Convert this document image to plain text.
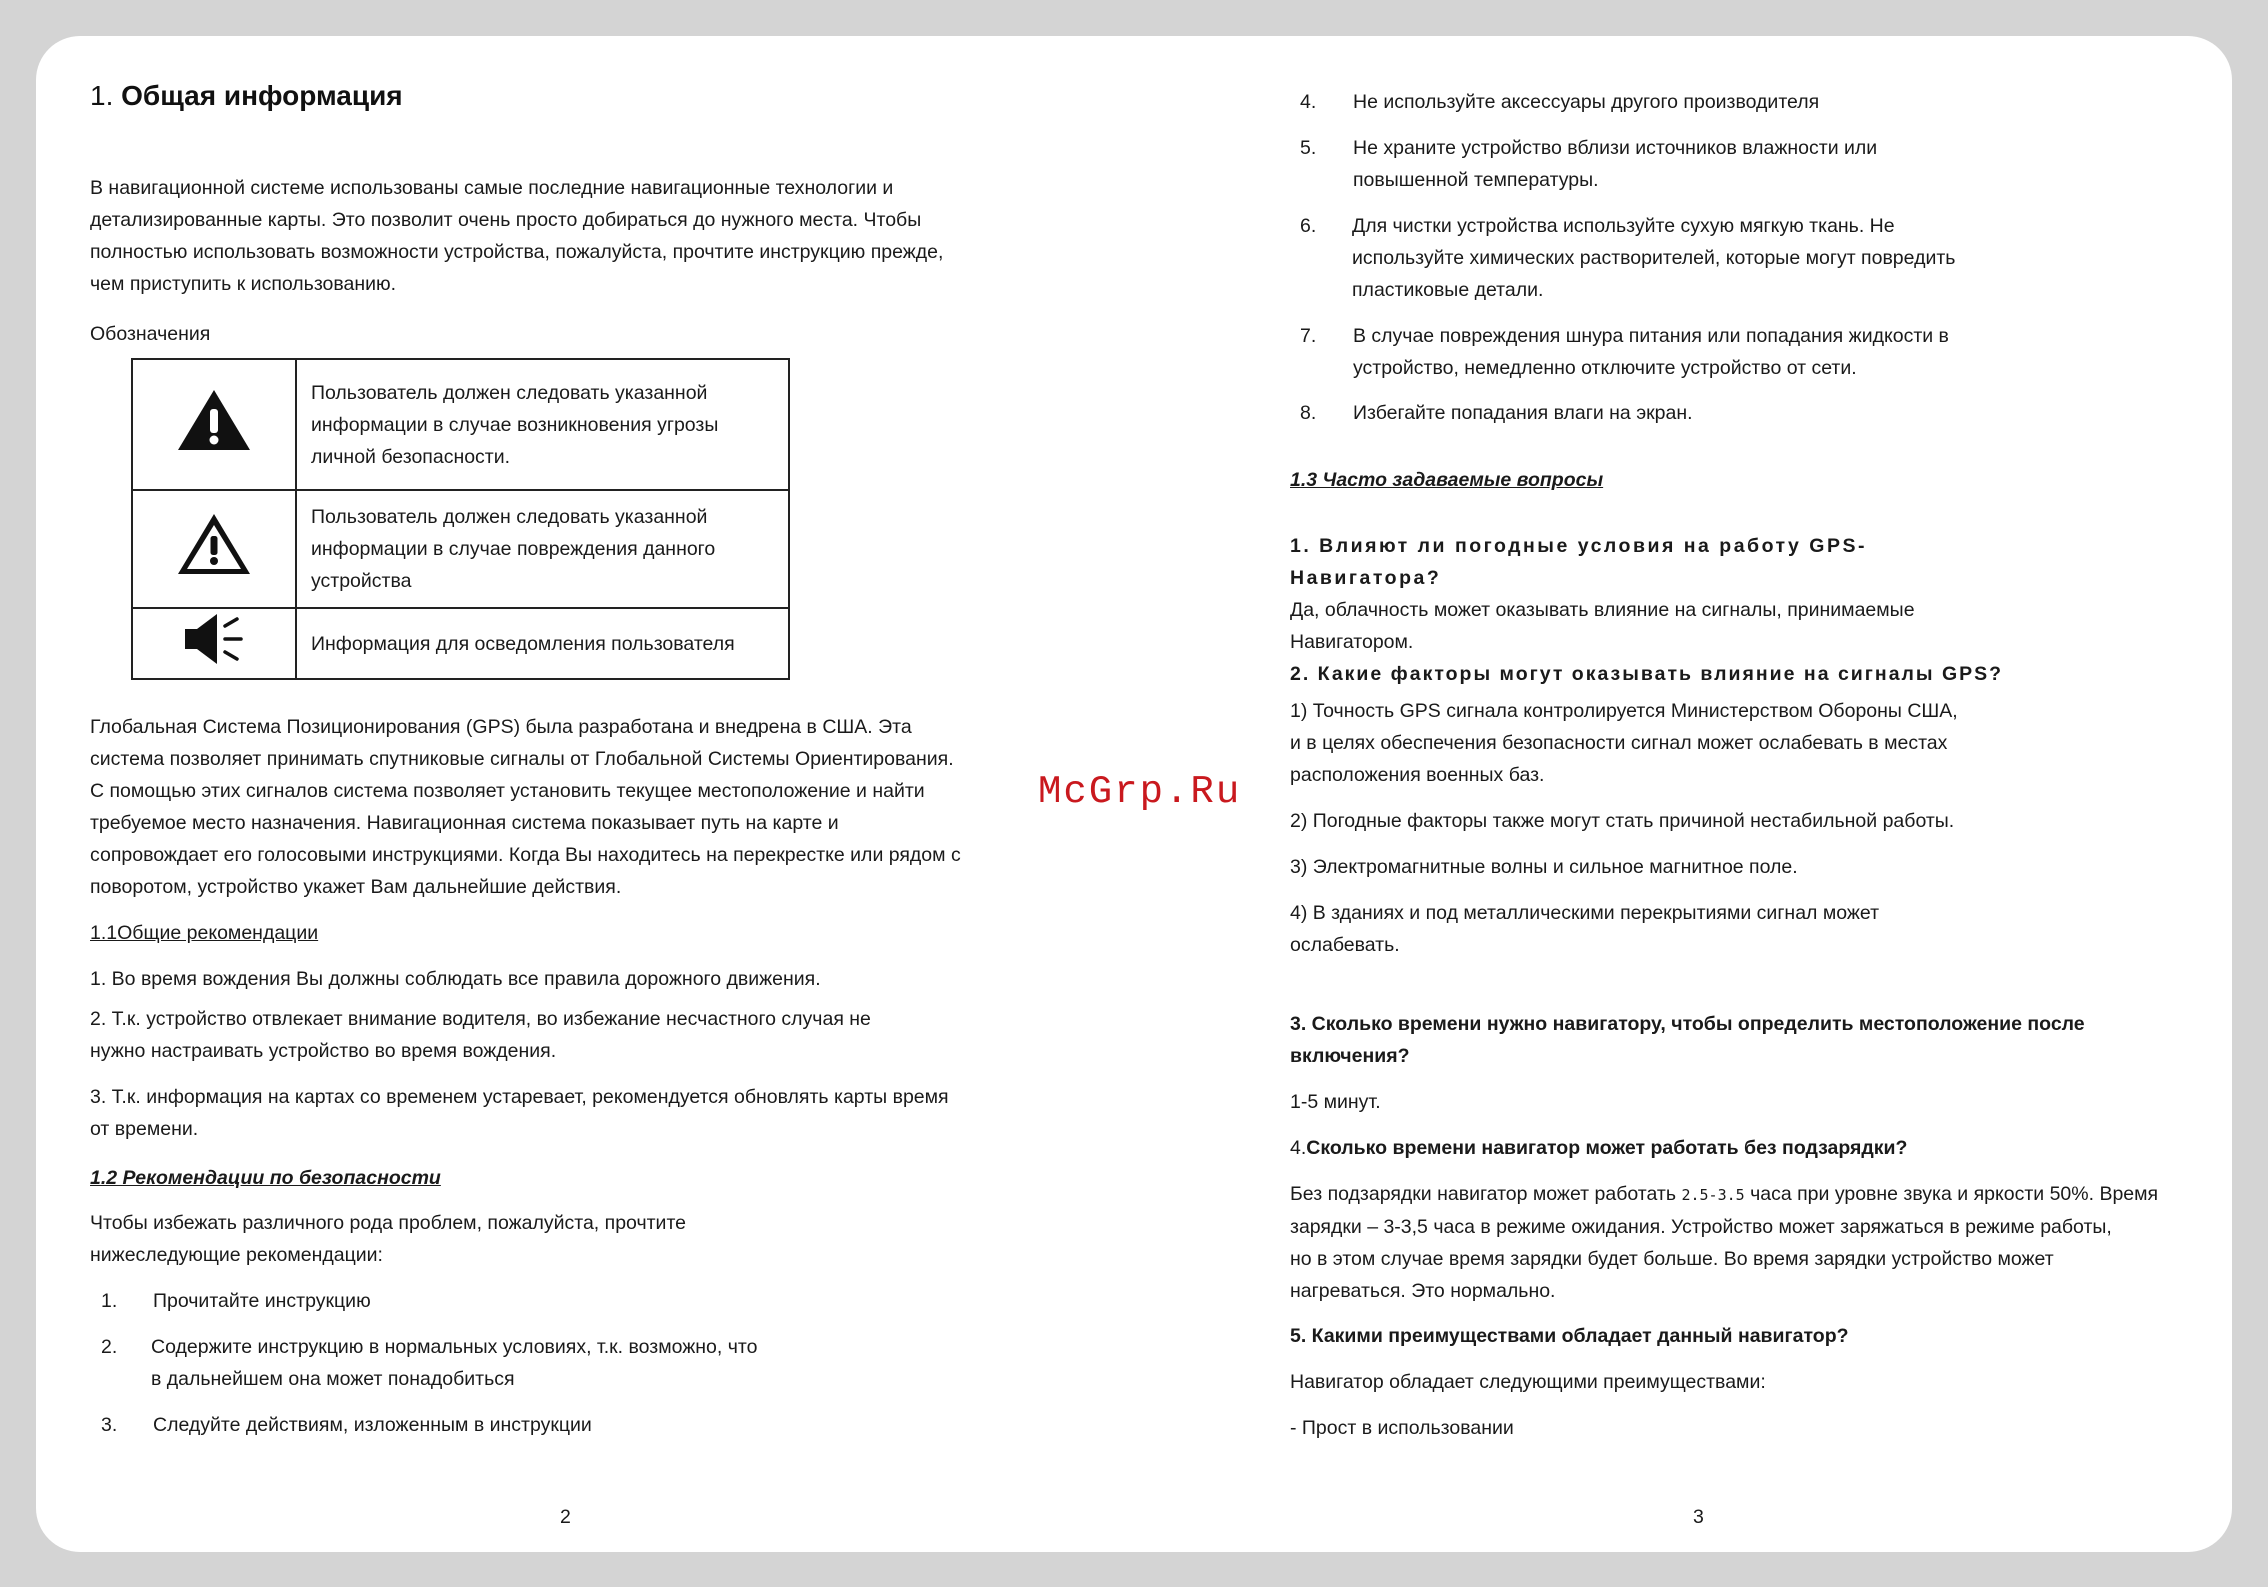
1. Общая информация

В навигационной системе использованы самые последние навигационные технологии и

детализированные карты. Это позволит очень просто добираться до нужного места. Чтобы

полностью использовать возможности устройства, пожалуйста, прочтите инструкцию прежде,

чем приступить к использованию.

Обозначения

	Пользователь должен следовать указанной
информации в случае возникновения угрозы
личной безопасности.
	Пользователь должен следовать указанной
информации в случае повреждения данного
устройства
	Информация для осведомления пользователя

Глобальная Система Позиционирования (GPS) была разработана и внедрена в США. Эта

система позволяет принимать спутниковые сигналы от Глобальной Системы Ориентирования.

С помощью этих сигналов система позволяет установить текущее местоположение и найти

требуемое место назначения. Навигационная система показывает путь на карте и

сопровождает его голосовыми инструкциями. Когда Вы находитесь на перекрестке или рядом с

поворотом, устройство укажет Вам дальнейшие действия.

1.1Общие рекомендации

1. Во время вождения Вы должны соблюдать все правила дорожного движения.

2. Т.к. устройство отвлекает внимание водителя, во избежание несчастного случая не

нужно настраивать устройство во время вождения.

3. Т.к. информация на картах со временем устаревает, рекомендуется обновлять карты время

от времени.

1.2 Рекомендации по безопасности

Чтобы избежать различного рода проблем, пожалуйста, прочтите

нижеследующие рекомендации:

1.	Прочитайте инструкцию

2.	Содержите инструкцию в нормальных условиях, т.к. возможно, что

в дальнейшем она может понадобиться

3.	Следуйте действиям, изложенным в инструкции

2
McGrp.Ru

4.	Не используйте аксессуары другого производителя

5.	Не храните устройство вблизи источников влажности или

повышенной температуры.

6.	Для чистки устройства используйте сухую мягкую ткань. Не

используйте химических растворителей, которые могут повредить

пластиковые детали.

7.	В случае повреждения шнура питания или попадания жидкости в

устройство, немедленно отключите устройство от сети.

8.	Избегайте попадания влаги на экран.

1.3 Часто задаваемые вопросы

1. Влияют ли погодные условия на работу GPS-

Навигатора?

Да, облачность может оказывать влияние на сигналы, принимаемые

Навигатором.

2. Какие факторы могут оказывать влияние на сигналы GPS?

1) Точность GPS сигнала контролируется Министерством Обороны США,

и в целях обеспечения безопасности сигнал может ослабевать в местах

расположения военных баз.

2) Погодные факторы также могут стать причиной нестабильной работы.

3) Электромагнитные волны и сильное магнитное поле.

4) В зданиях и под металлическими перекрытиями сигнал может

ослабевать.

3. Сколько времени нужно навигатору, чтобы определить местоположение после

включения?

1-5 минут.

4.Сколько времени навигатор может работать без подзарядки?

Без подзарядки навигатор может работать 2.5-3.5 часа при уровне звука и яркости 50%. Время

зарядки – 3-3,5 часа в режиме ожидания. Устройство может заряжаться в режиме работы,

но в этом случае время зарядки будет больше. Во время зарядки устройство может

нагреваться. Это нормально.

5. Какими преимуществами обладает данный навигатор?

Навигатор обладает следующими преимуществами:

- Прост в использовании

3
